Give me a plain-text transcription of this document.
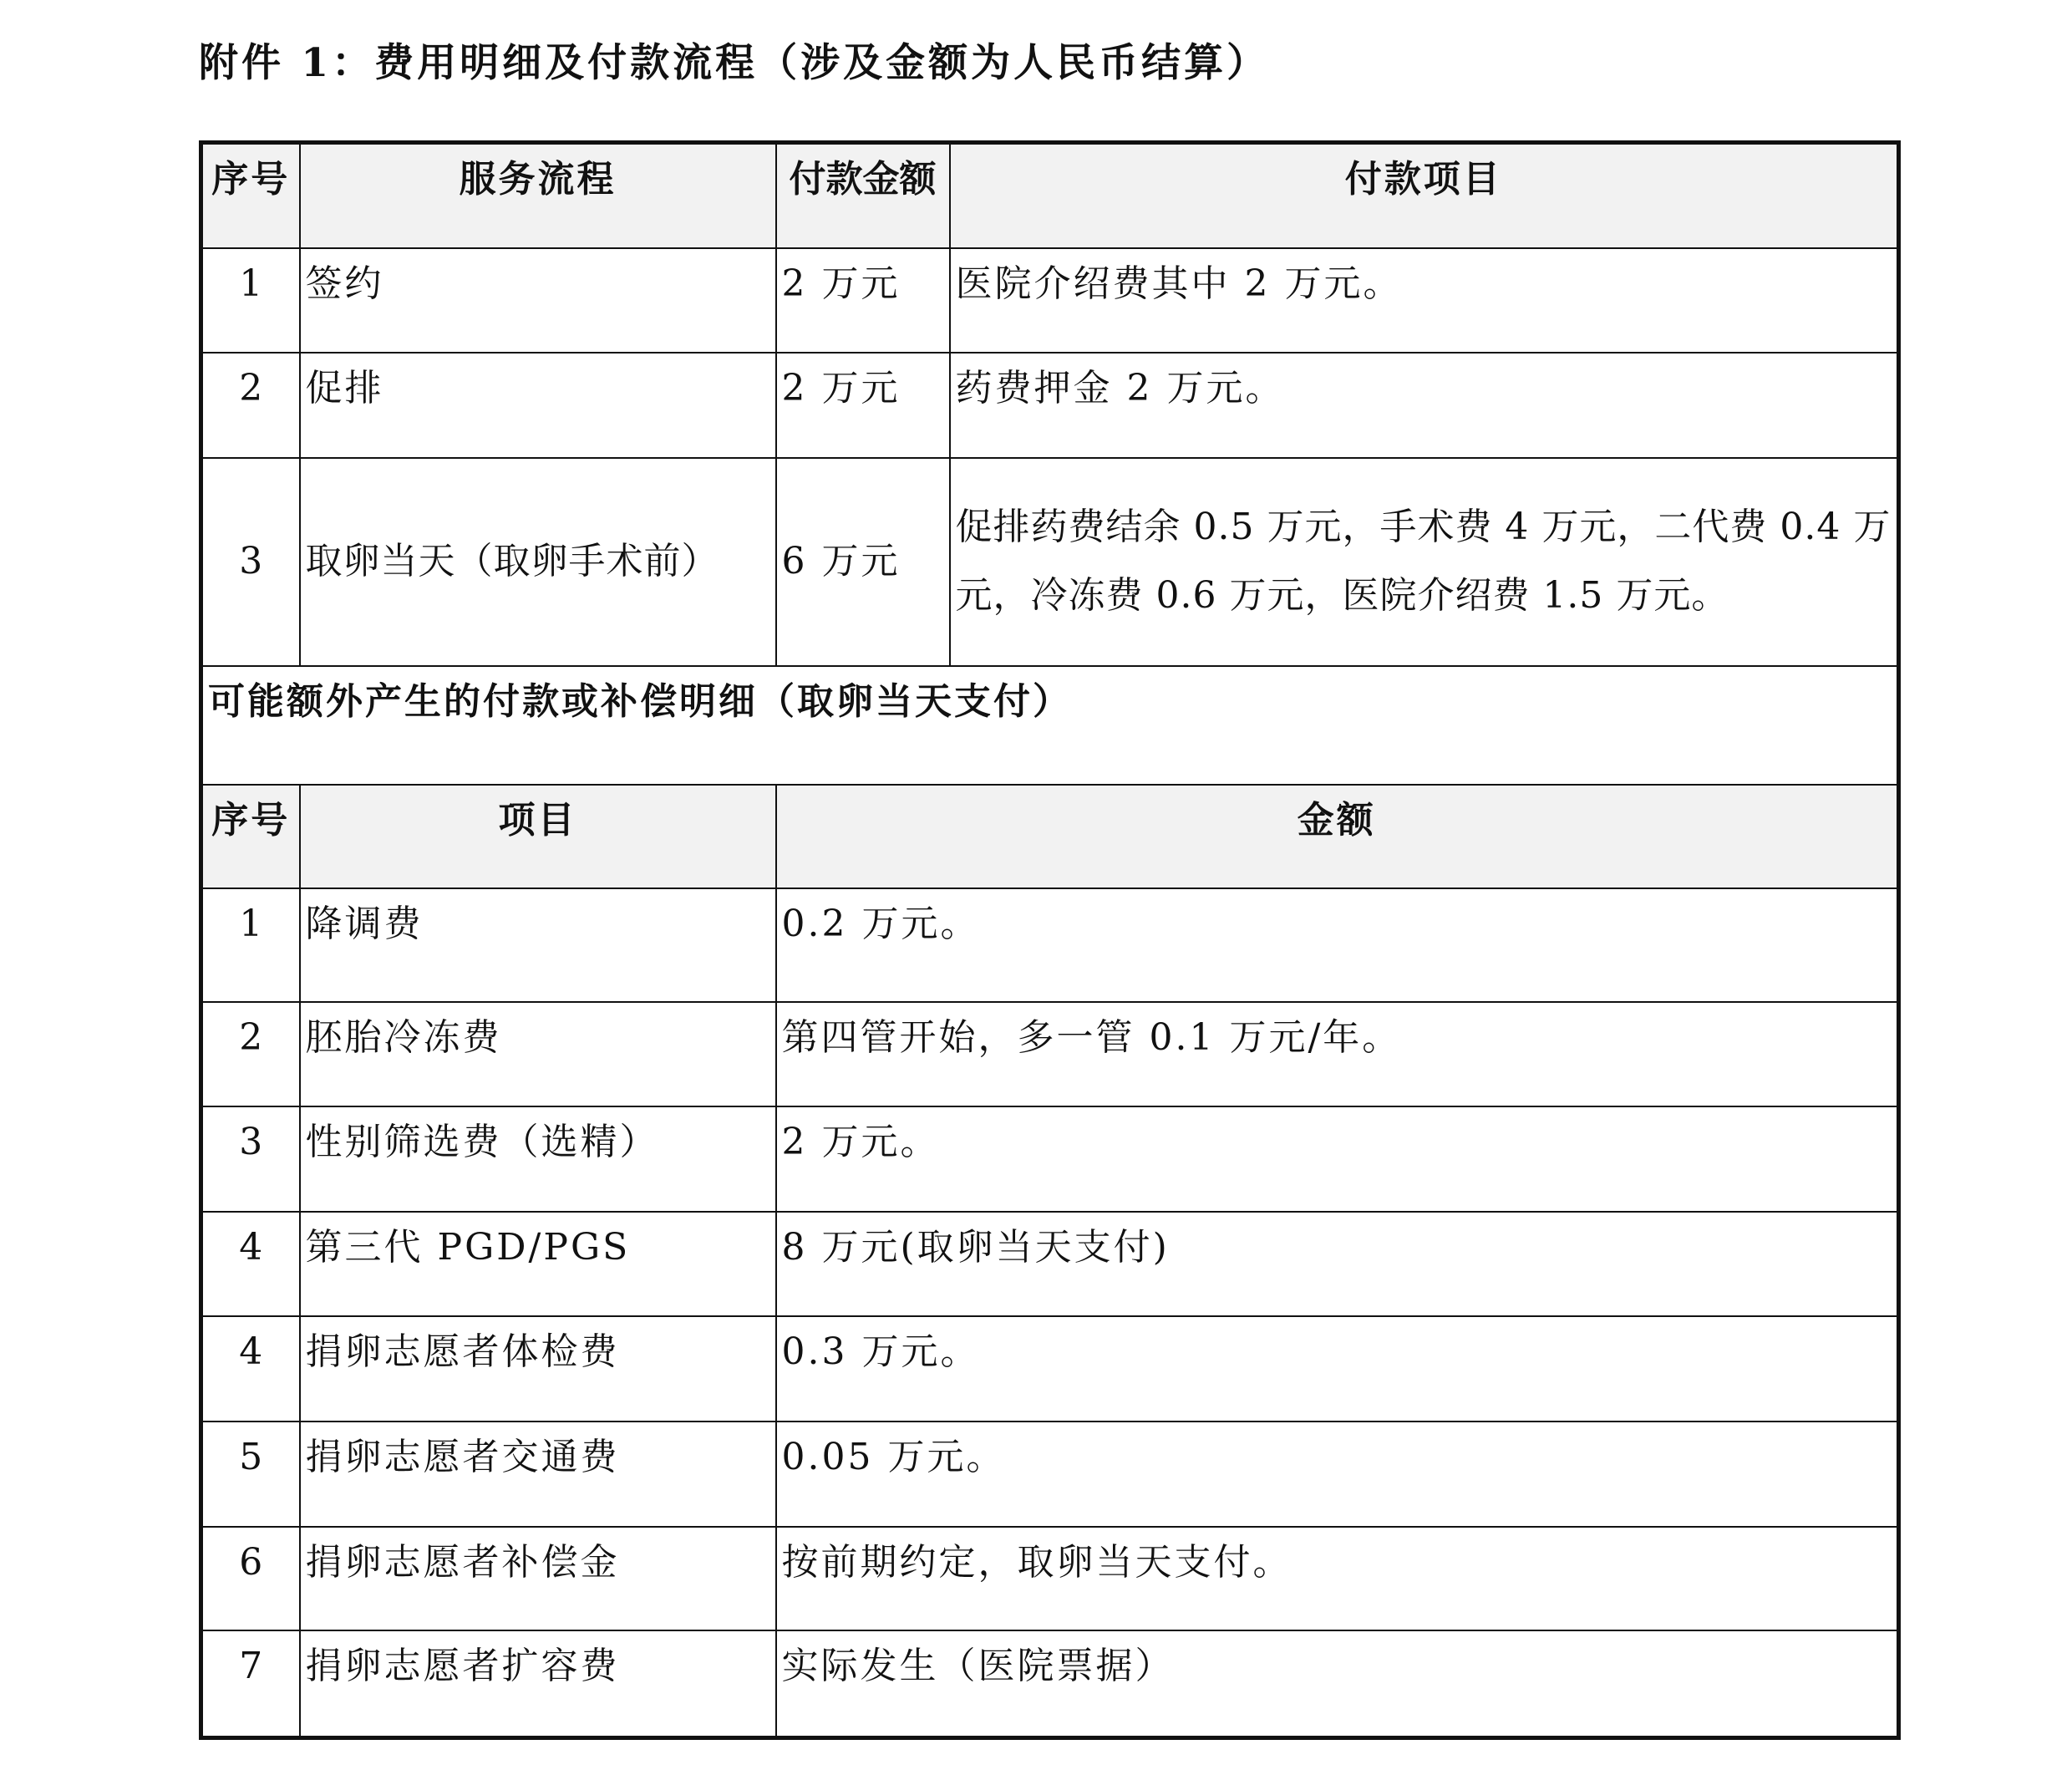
附件 1：费用明细及付款流程（涉及金额为人民币结算）
序号	服务流程	付款金额	付款项目
1	签约	2 万元	医院介绍费其中 2 万元。
2	促排	2 万元	药费押金 2 万元。
3	取卵当天（取卵手术前）	6 万元	促排药费结余 0.5 万元，手术费 4 万元，二代费 0.4 万元，冷冻费 0.6 万元，医院介绍费 1.5 万元。
可能额外产生的付款或补偿明细（取卵当天支付）			
序号	项目	金额	
1	降调费	0.2 万元。	
2	胚胎冷冻费	第四管开始，多一管 0.1 万元/年。	
3	性别筛选费（选精）	2 万元。	
4	第三代 PGD/PGS	8 万元(取卵当天支付)	
4	捐卵志愿者体检费	0.3 万元。	
5	捐卵志愿者交通费	0.05 万元。	
6	捐卵志愿者补偿金	按前期约定，取卵当天支付。	
7	捐卵志愿者扩容费	实际发生（医院票据）	
